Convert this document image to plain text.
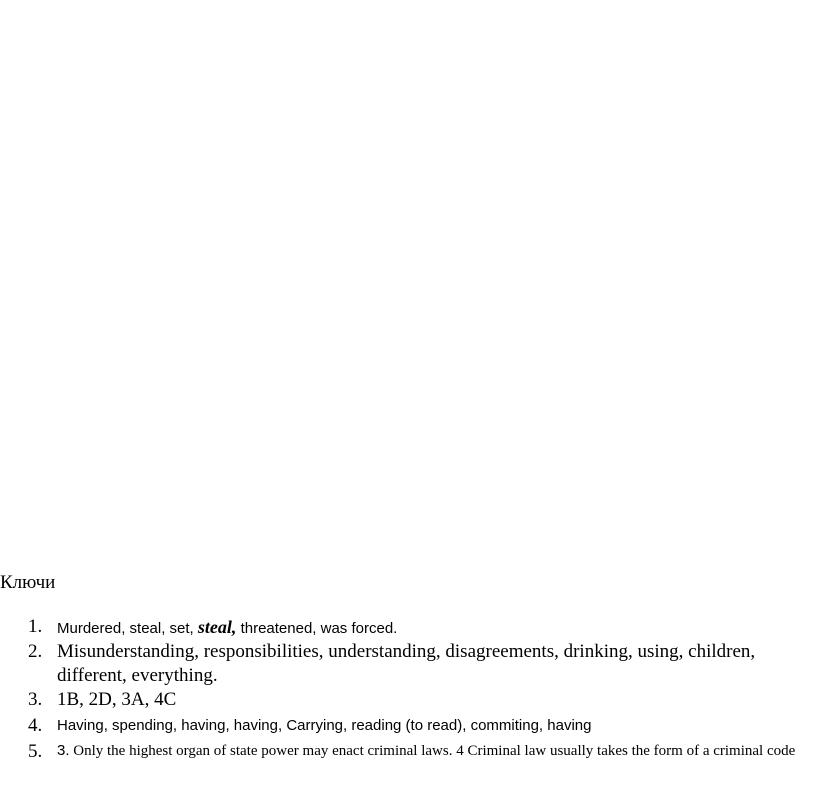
Ключи
1. Murdered, steal, set, steal, threatened, was forced.
2. Misunderstanding, responsibilities, understanding, disagreements, drinking, using, children, different, everything.
3. 1B, 2D, 3A, 4C
4. Having, spending, having, having, Carrying, reading (to read), commiting, having
5. 3. Only the highest organ of state power may enact criminal laws. 4 Criminal law usually takes the form of a criminal code
